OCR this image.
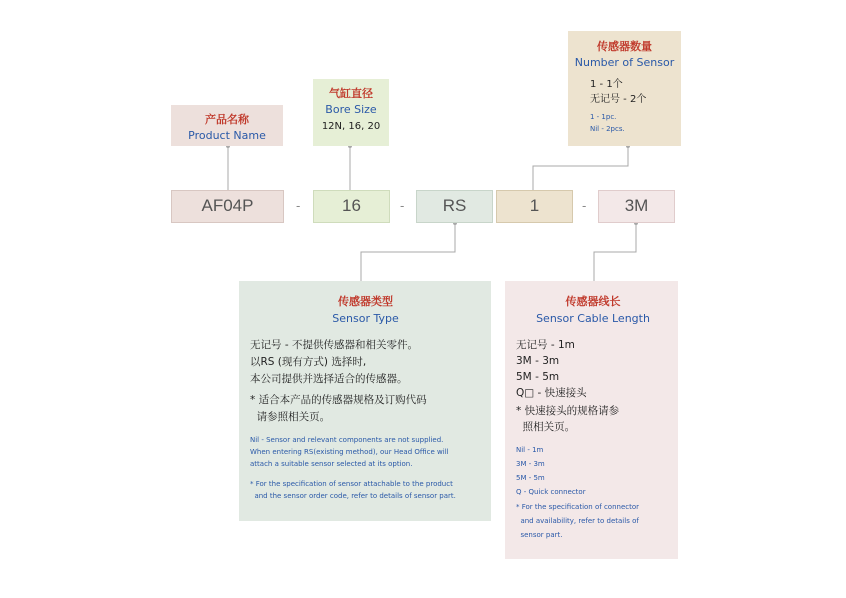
产品名称
Product Name
气缸直径
Bore Size
12N, 16, 20
传感器数量
Number of Sensor
1 - 1个
无记号 - 2个
1 - 1pc.
Nil - 2pcs.
AF04P	-	16	-	RS	1	-	3M
传感器类型
Sensor Type
无记号 - 不提供传感器和相关零件。
以RS (现有方式) 选择时,
本公司提供并选择适合的传感器。
* 适合本产品的传感器规格及订购代码
请参照相关页。
Nil - Sensor and relevant components are not supplied.
When entering RS(existing method), our Head Office will
attach a suitable sensor selected at its option.
* For the specification of sensor attachable to the product
and the sensor order code, refer to details of sensor part.
传感器线长
Sensor Cable Length
无记号 - 1m
3M - 3m
5M - 5m
Q□ - 快速接头
* 快速接头的规格请参
照相关页。
Nil - 1m
3M - 3m
5M - 5m
Q - Quick connector
* For the specification of connector
and availability, refer to details of
sensor part.
